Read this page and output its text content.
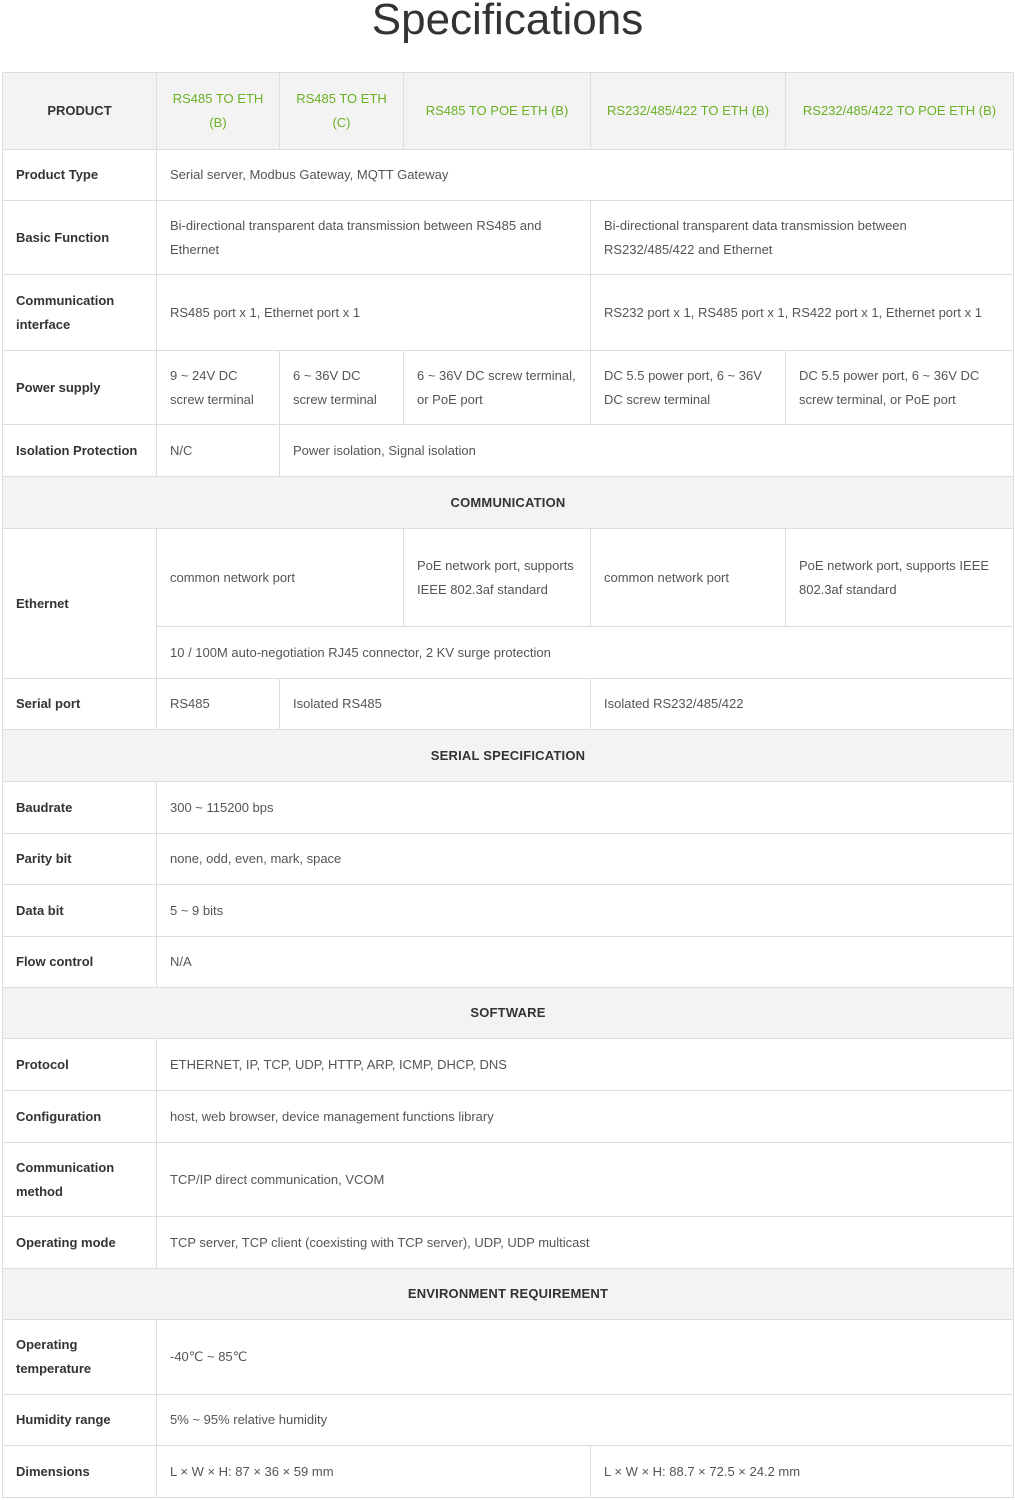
Specifications
PRODUCT	RS485 TO ETH (B)	RS485 TO ETH (C)	RS485 TO POE ETH (B)	RS232/485/422 TO ETH (B)	RS232/485/422 TO POE ETH (B)
Product Type	Serial server, Modbus Gateway, MQTT Gateway				
Basic Function	Bi-directional transparent data transmission between RS485 and Ethernet			Bi-directional transparent data transmission between RS232/485/422 and Ethernet	
Communication interface	RS485 port x 1, Ethernet port x 1			RS232 port x 1, RS485 port x 1, RS422 port x 1, Ethernet port x 1	
Power supply	9 ~ 24V DC screw terminal	6 ~ 36V DC screw terminal	6 ~ 36V DC screw terminal, or PoE port	DC 5.5 power port, 6 ~ 36V DC screw terminal	DC 5.5 power port, 6 ~ 36V DC screw terminal, or PoE port
Isolation Protection	N/C	Power isolation, Signal isolation			
COMMUNICATION					
Ethernet	common network port		PoE network port, supports IEEE 802.3af standard	common network port	PoE network port, supports IEEE 802.3af standard
	10 / 100M auto-negotiation RJ45 connector, 2 KV surge protection				
Serial port	RS485	Isolated RS485		Isolated RS232/485/422	
SERIAL SPECIFICATION					
Baudrate	300 ~ 115200 bps				
Parity bit	none, odd, even, mark, space				
Data bit	5 ~ 9 bits				
Flow control	N/A				
SOFTWARE					
Protocol	ETHERNET, IP, TCP, UDP, HTTP, ARP, ICMP, DHCP, DNS				
Configuration	host, web browser, device management functions library				
Communication method	TCP/IP direct communication, VCOM				
Operating mode	TCP server, TCP client (coexisting with TCP server), UDP, UDP multicast				
ENVIRONMENT REQUIREMENT					
Operating temperature	-40℃ ~ 85℃				
Humidity range	5% ~ 95% relative humidity				
Dimensions	L × W × H: 87 × 36 × 59 mm			L × W × H: 88.7 × 72.5 × 24.2 mm	
